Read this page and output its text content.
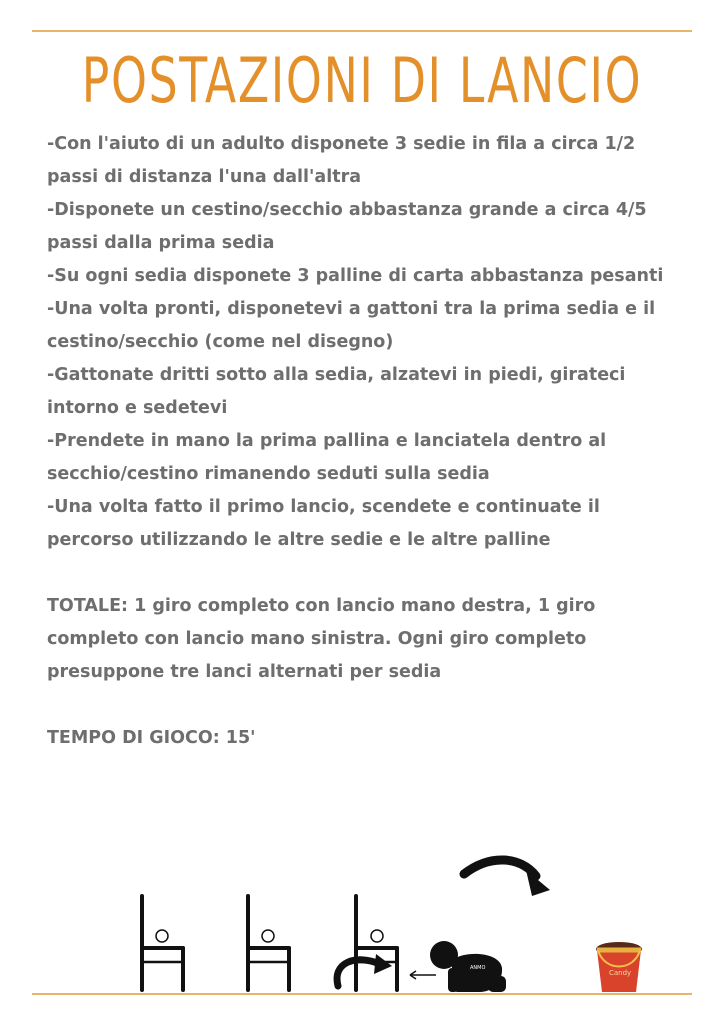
POSTAZIONI DI LANCIO

-Con l'aiuto di un adulto disponete 3 sedie in fila a circa 1/2 passi di distanza l'una dall'altra

-Disponete un cestino/secchio abbastanza grande a circa 4/5 passi dalla prima sedia

-Su ogni sedia disponete 3 palline di carta abbastanza pesanti

-Una volta pronti, disponetevi a gattoni tra la prima sedia e il cestino/secchio (come nel disegno)

-Gattonate dritti sotto alla sedia, alzatevi in piedi, girateci intorno e sedetevi

-Prendete in mano la prima pallina e lanciatela dentro al secchio/cestino rimanendo seduti sulla sedia

-Una volta fatto il primo lancio, scendete e continuate il percorso utilizzando le altre sedie e le altre palline

TOTALE: 1 giro completo con lancio mano destra, 1 giro completo con lancio mano sinistra. Ogni giro completo presuppone tre lanci alternati per sedia

TEMPO DI GIOCO: 15'

ANMO
Candy
